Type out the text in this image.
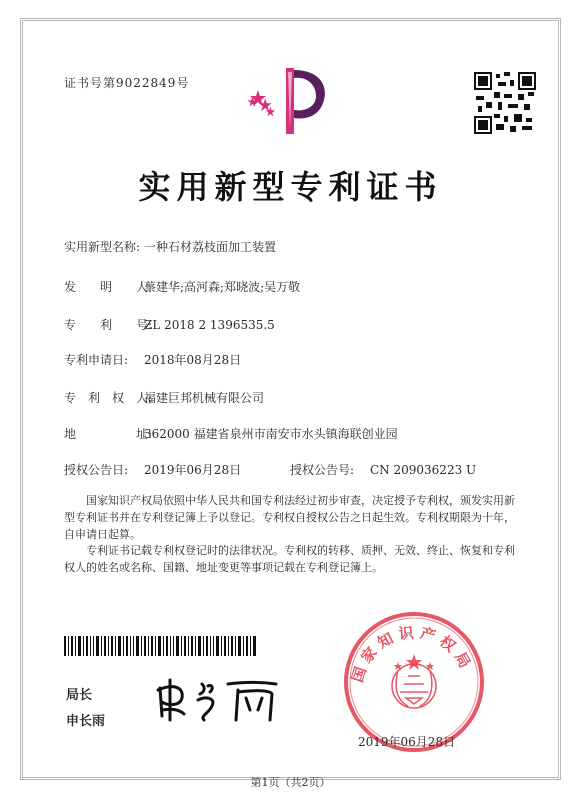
证书号第9022849号
实用新型专利证书
实用新型名称: 一种石材荔枝面加工装置
发　　明　　人:蔡建华;高河森;郑晓波;吴万敬
专　　利　　号:ZL 2018 2 1396535.5
专利申请日: 2018年08月28日
专　利　权　人:福建巨邦机械有限公司
地　　　　　址:362000 福建省泉州市南安市水头镇海联创业园
授权公告日: 2019年06月28日	授权公告号: CN 209036223 U
国家知识产权局依照中华人民共和国专利法经过初步审查，决定授予专利权，颁发实用新型专利证书并在专利登记簿上予以登记。专利权自授权公告之日起生效。专利权期限为十年，自申请日起算。
专利证书记载专利权登记时的法律状况。专利权的转移、质押、无效、终止、恢复和专利权人的姓名或名称、国籍、地址变更等事项记载在专利登记簿上。
局长
申长雨
国家知识产权局
2019年06月28日
第1页（共2页）
